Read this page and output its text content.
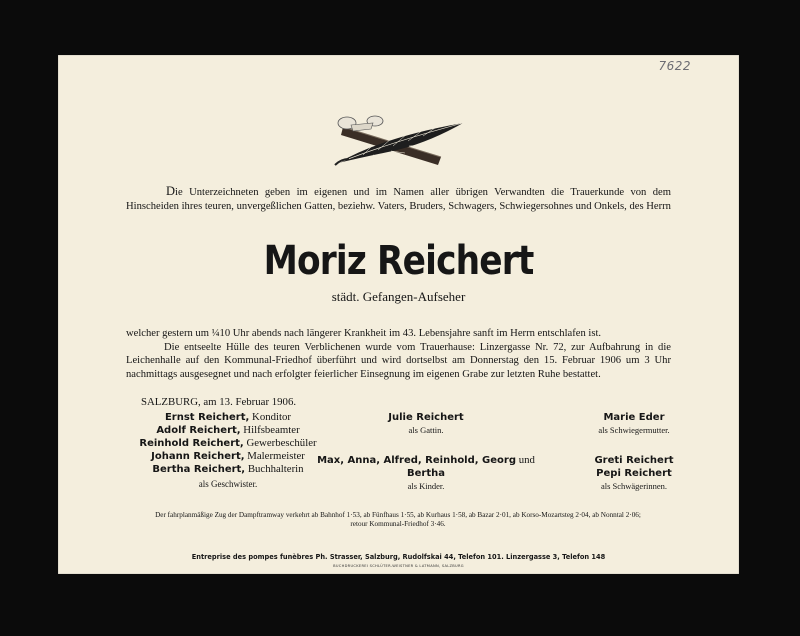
7622
Die Unterzeichneten geben im eigenen und im Namen aller übrigen Verwandten die Trauerkunde von dem Hinscheiden ihres teuren, unvergeßlichen Gatten, beziehw. Vaters, Bruders, Schwagers, Schwiegersohnes und Onkels, des Herrn
Moriz Reichert
städt. Gefangen-Aufseher

welcher gestern um ¼10 Uhr abends nach längerer Krankheit im 43. Lebensjahre sanft im Herrn entschlafen ist.

Die entseelte Hülle des teuren Verblichenen wurde vom Trauerhause: Linzergasse Nr. 72, zur Aufbahrung in die Leichenhalle auf den Kommunal-Friedhof überführt und wird dortselbst am Donnerstag den 15. Februar 1906 um 3 Uhr nachmittags ausgesegnet und nach erfolgter feierlicher Einsegnung im eigenen Grabe zur letzten Ruhe bestattet.

SALZBURG, am 13. Februar 1906.
Ernst Reichert, Konditor
Adolf Reichert, Hilfsbeamter
Reinhold Reichert, Gewerbeschüler
Johann Reichert, Malermeister
Bertha Reichert, Buchhalterin
als Geschwister.
Julie Reichert
als Gattin.
Max, Anna, Alfred, Reinhold, Georg und Bertha
als Kinder.
Marie Eder
als Schwiegermutter.
Greti Reichert
Pepi Reichert
als Schwägerinnen.
Der fahrplanmäßige Zug der Dampftramway verkehrt ab Bahnhof 1·53, ab Fünfhaus 1·55, ab Kurhaus 1·58, ab Bazar 2·01, ab Korso-Mozartsteg 2·04, ab Nonntal 2·06;
retour Kommunal-Friedhof 3·46.
Entreprise des pompes funèbres Ph. Strasser, Salzburg, Rudolfskai 44, Telefon 101. Linzergasse 3, Telefon 148
BUCHDRUCKEREI SCHLÜTER-WEISTNER & LATMANN, SALZBURG
